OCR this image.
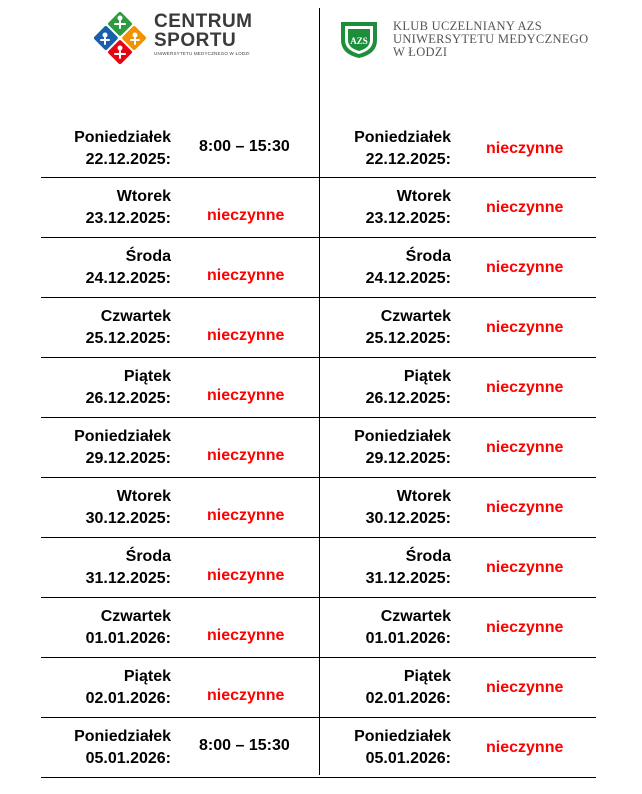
CENTRUM
SPORTU
UNIWERSYTETU MEDYCZNEGO W ŁODZI
AZS
KLUB UCZELNIANY AZS
UNIWERSYTETU MEDYCZNEGO
W ŁODZI
Poniedziałek
22.12.2025:
8:00 – 15:30
Poniedziałek
22.12.2025:
nieczynne
Wtorek
23.12.2025: nieczynne
Wtorek
23.12.2025:
nieczynne
Środa
24.12.2025: nieczynne
Środa
24.12.2025:
nieczynne
Czwartek
25.12.2025: nieczynne
Czwartek
25.12.2025:
nieczynne
Piątek
26.12.2025: nieczynne
Piątek
26.12.2025:
nieczynne
Poniedziałek
29.12.2025: nieczynne
Poniedziałek
29.12.2025:
nieczynne
Wtorek
30.12.2025: nieczynne
Wtorek
30.12.2025:
nieczynne
Środa
31.12.2025: nieczynne
Środa
31.12.2025:
nieczynne
Czwartek
01.01.2026: nieczynne
Czwartek
01.01.2026:
nieczynne
Piątek
02.01.2026: nieczynne
Piątek
02.01.2026:
nieczynne
Poniedziałek
05.01.2026:
8:00 – 15:30
Poniedziałek
05.01.2026:
nieczynne
